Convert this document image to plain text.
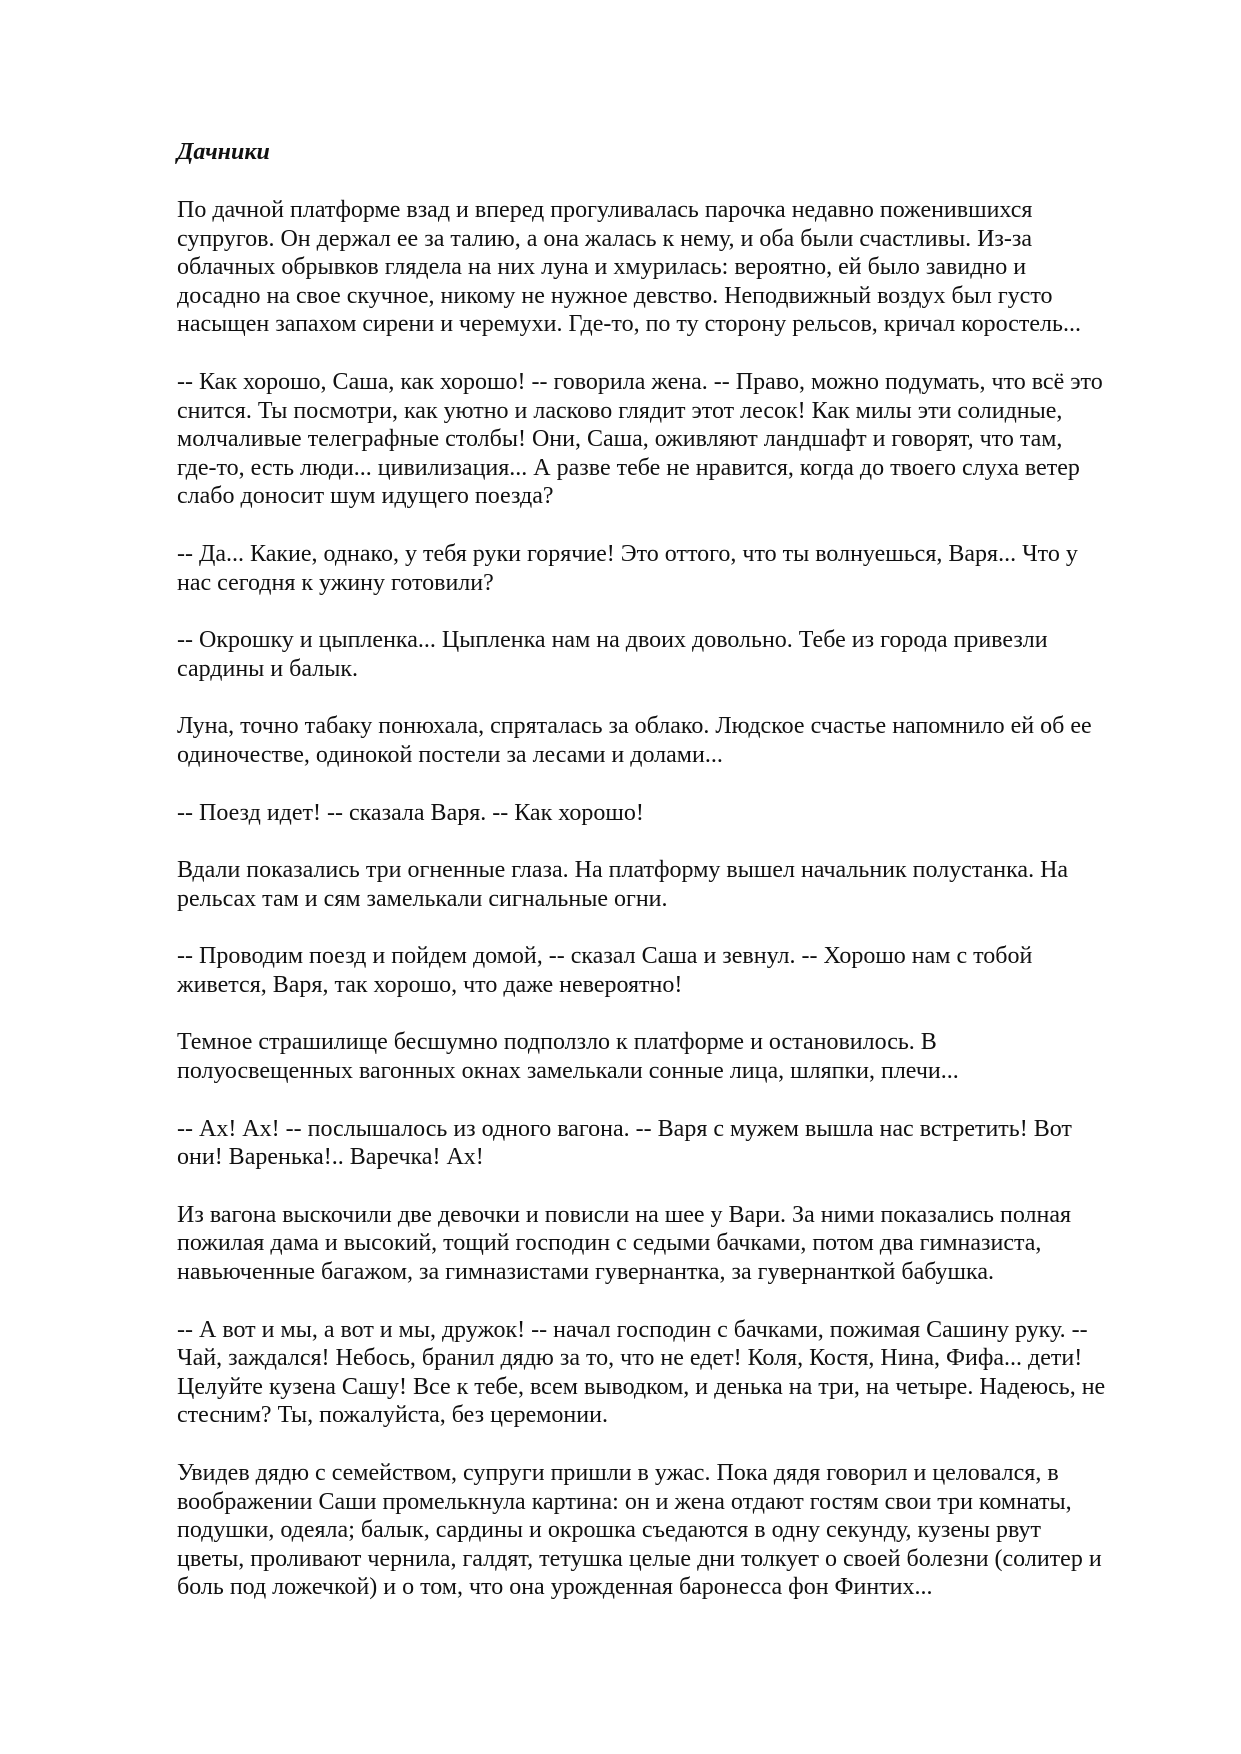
Дачники
По дачной платформе взад и вперед прогуливалась парочка недавно поженившихся
супругов. Он держал ее за талию, а она жалась к нему, и оба были счастливы. Из-за
облачных обрывков глядела на них луна и хмурилась: вероятно, ей было завидно и
досадно на свое скучное, никому не нужное девство. Неподвижный воздух был густо
насыщен запахом сирени и черемухи. Где-то, по ту сторону рельсов, кричал коростель...
-- Как хорошо, Саша, как хорошо! -- говорила жена. -- Право, можно подумать, что всё это
снится. Ты посмотри, как уютно и ласково глядит этот лесок! Как милы эти солидные,
молчаливые телеграфные столбы! Они, Саша, оживляют ландшафт и говорят, что там,
где-то, есть люди... цивилизация... А разве тебе не нравится, когда до твоего слуха ветер
слабо доносит шум идущего поезда?
-- Да... Какие, однако, у тебя руки горячие! Это оттого, что ты волнуешься, Варя... Что у
нас сегодня к ужину готовили?
-- Окрошку и цыпленка... Цыпленка нам на двоих довольно. Тебе из города привезли
сардины и балык.
Луна, точно табаку понюхала, спряталась за облако. Людское счастье напомнило ей об ее
одиночестве, одинокой постели за лесами и долами...
-- Поезд идет! -- сказала Варя. -- Как хорошо!
Вдали показались три огненные глаза. На платформу вышел начальник полустанка. На
рельсах там и сям замелькали сигнальные огни.
-- Проводим поезд и пойдем домой, -- сказал Саша и зевнул. -- Хорошо нам с тобой
живется, Варя, так хорошо, что даже невероятно!
Темное страшилище бесшумно подползло к платформе и остановилось. В
полуосвещенных вагонных окнах замелькали сонные лица, шляпки, плечи...
-- Ах! Ах! -- послышалось из одного вагона. -- Варя с мужем вышла нас встретить! Вот
они! Варенька!.. Варечка! Ах!
Из вагона выскочили две девочки и повисли на шее у Вари. За ними показались полная
пожилая дама и высокий, тощий господин с седыми бачками, потом два гимназиста,
навьюченные багажом, за гимназистами гувернантка, за гувернанткой бабушка.
-- А вот и мы, а вот и мы, дружок! -- начал господин с бачками, пожимая Сашину руку. --
Чай, заждался! Небось, бранил дядю за то, что не едет! Коля, Костя, Нина, Фифа... дети!
Целуйте кузена Сашу! Все к тебе, всем выводком, и денька на три, на четыре. Надеюсь, не
стесним? Ты, пожалуйста, без церемонии.
Увидев дядю с семейством, супруги пришли в ужас. Пока дядя говорил и целовался, в
воображении Саши промелькнула картина: он и жена отдают гостям свои три комнаты,
подушки, одеяла; балык, сардины и окрошка съедаются в одну секунду, кузены рвут
цветы, проливают чернила, галдят, тетушка целые дни толкует о своей болезни (солитер и
боль под ложечкой) и о том, что она урожденная баронесса фон Финтих...
